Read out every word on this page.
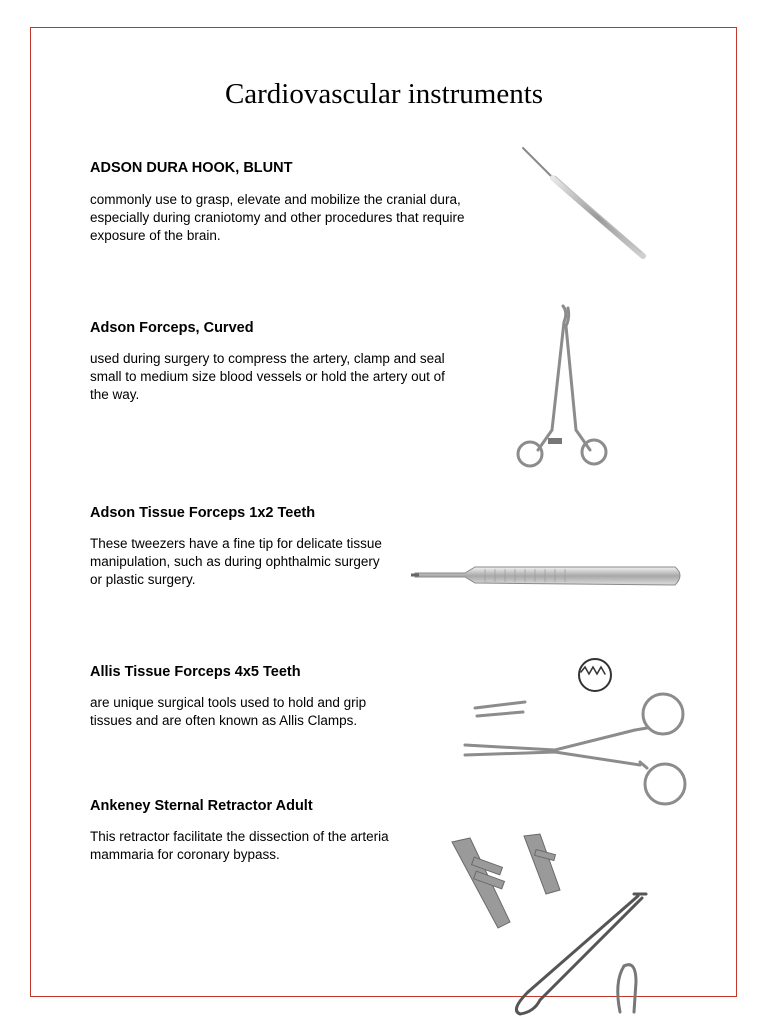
Cardiovascular instruments
ADSON DURA HOOK, BLUNT
commonly use to grasp, elevate and mobilize the cranial dura, especially during craniotomy and other procedures that require exposure of the brain.
Adson Forceps, Curved
used during surgery to compress the artery, clamp and seal small to medium size blood vessels or hold the artery out of the way.
Adson Tissue Forceps 1x2 Teeth
These tweezers have a fine tip for delicate tissue manipulation, such as during ophthalmic surgery or plastic surgery.
Allis Tissue Forceps 4x5 Teeth
are unique surgical tools used to hold and grip tissues and are often known as Allis Clamps.
Ankeney Sternal Retractor Adult
This retractor facilitate the dissection of the arteria mammaria for coronary bypass.
